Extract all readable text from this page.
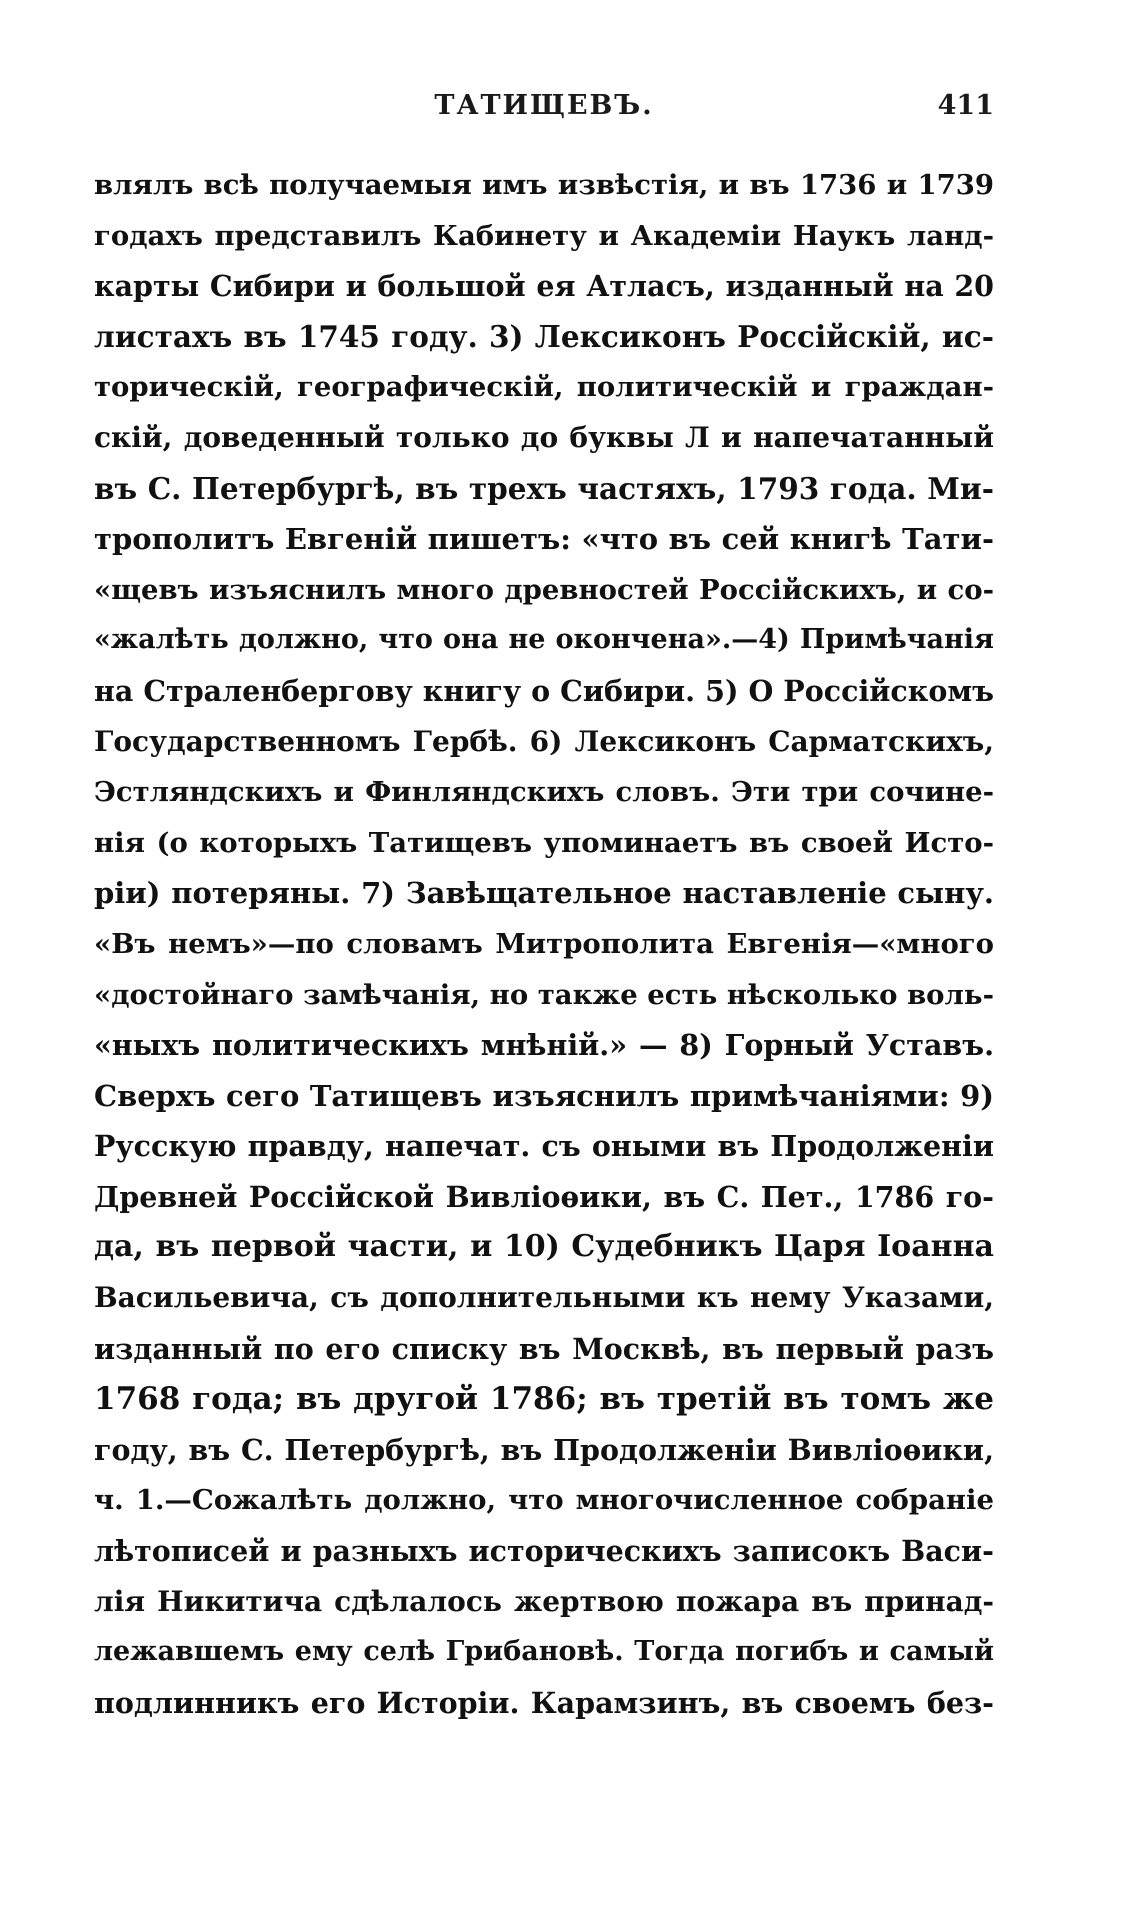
ТАТИЩЕВЪ.	411
влялъ всѣ получаемыя имъ извѣстія, и въ 1736 и 1739
годахъ представилъ Кабинету и Академіи Наукъ ланд-
карты Сибири и большой ея Атласъ, изданный на 20
листахъ въ 1745 году. 3) Лексиконъ Россійскій, ис-
торическій, географическій, политическій и граждан-
скій, доведенный только до буквы Л и напечатанный
въ С. Петербургѣ, въ трехъ частяхъ, 1793 года. Ми-
трополитъ Евгеній пишетъ: «что въ сей книгѣ Тати-
«щевъ изъяснилъ много древностей Россійскихъ, и со-
«жалѣть должно, что она не окончена».—4) Примѣчанія
на Страленбергову книгу о Сибири. 5) О Россійскомъ
Государственномъ Гербѣ. 6) Лексиконъ Сарматскихъ,
Эстляндскихъ и Финляндскихъ словъ. Эти три сочине-
нія (о которыхъ Татищевъ упоминаетъ въ своей Исто-
ріи) потеряны. 7) Завѣщательное наставленіе сыну.
«Въ немъ»—по словамъ Митрополита Евгенія—«много
«достойнаго замѣчанія, но также есть нѣсколько воль-
«ныхъ политическихъ мнѣній.» — 8) Горный Уставъ.
Сверхъ сего Татищевъ изъяснилъ примѣчаніями: 9)
Русскую правду, напечат. съ оными въ Продолженіи
Древней Россійской Вивліоѳики, въ С. Пет., 1786 го-
да, въ первой части, и 10) Судебникъ Царя Іоанна
Васильевича, съ дополнительными къ нему Указами,
изданный по его списку въ Москвѣ, въ первый разъ
1768 года; въ другой 1786; въ третій въ томъ же
году, въ С. Петербургѣ, въ Продолженіи Вивліоѳики,
ч. 1.—Сожалѣть должно, что многочисленное собраніе
лѣтописей и разныхъ историческихъ записокъ Васи-
лія Никитича сдѣлалось жертвою пожара въ принад-
лежавшемъ ему селѣ Грибановѣ. Тогда погибъ и самый
подлинникъ его Исторіи. Карамзинъ, въ своемъ без-
